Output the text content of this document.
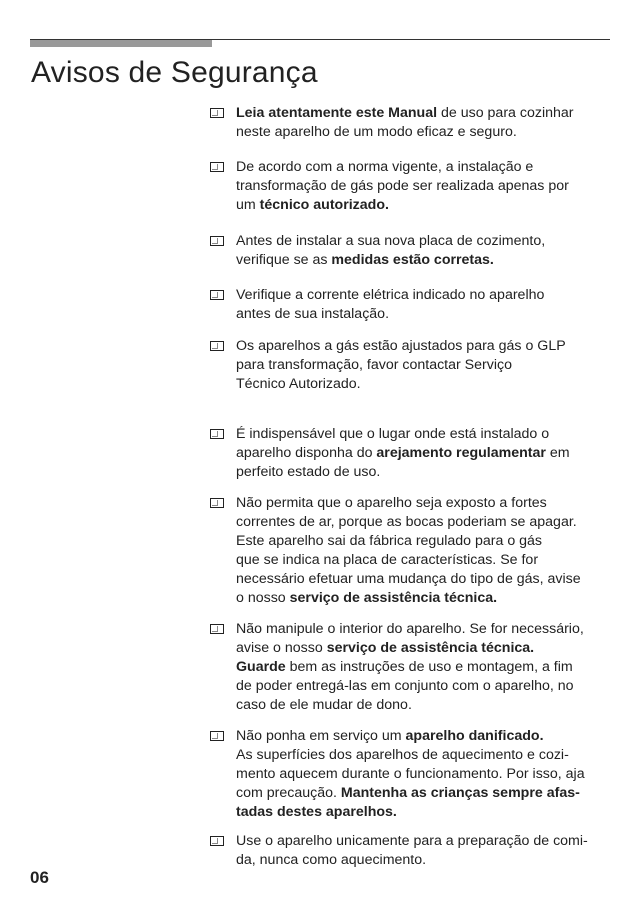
Avisos de Segurança
Leia atentamente este Manual de uso para cozinhar
neste aparelho de um modo eficaz e seguro.
De acordo com a norma vigente, a instalação e
transformação de gás pode ser realizada apenas por
um técnico autorizado.
Antes de instalar a sua nova placa de cozimento,
verifique se as medidas estão corretas.
Verifique a corrente elétrica indicado no aparelho
antes de sua instalação.
Os aparelhos a gás estão ajustados para gás o GLP
para transformação, favor contactar Serviço
Técnico Autorizado.
É indispensável que o lugar onde está instalado o
aparelho disponha do arejamento regulamentar em
perfeito estado de uso.
Não permita que o aparelho seja exposto a fortes
correntes de ar, porque as bocas poderiam se apagar.
Este aparelho sai da fábrica regulado para o gás
que se indica na placa de características. Se for
necessário efetuar uma mudança do tipo de gás, avise
o nosso serviço de assistência técnica.
Não manipule o interior do aparelho. Se for necessário,
avise o nosso serviço de assistência técnica.
Guarde bem as instruções de uso e montagem, a fim
de poder entregá-las em conjunto com o aparelho, no
caso de ele mudar de dono.
Não ponha em serviço um aparelho danificado.
As superfícies dos aparelhos de aquecimento e cozi-
mento aquecem durante o funcionamento. Por isso, aja
com precaução. Mantenha as crianças sempre afas-
tadas destes aparelhos.
Use o aparelho unicamente para a preparação de comi-
da, nunca como aquecimento.
06
